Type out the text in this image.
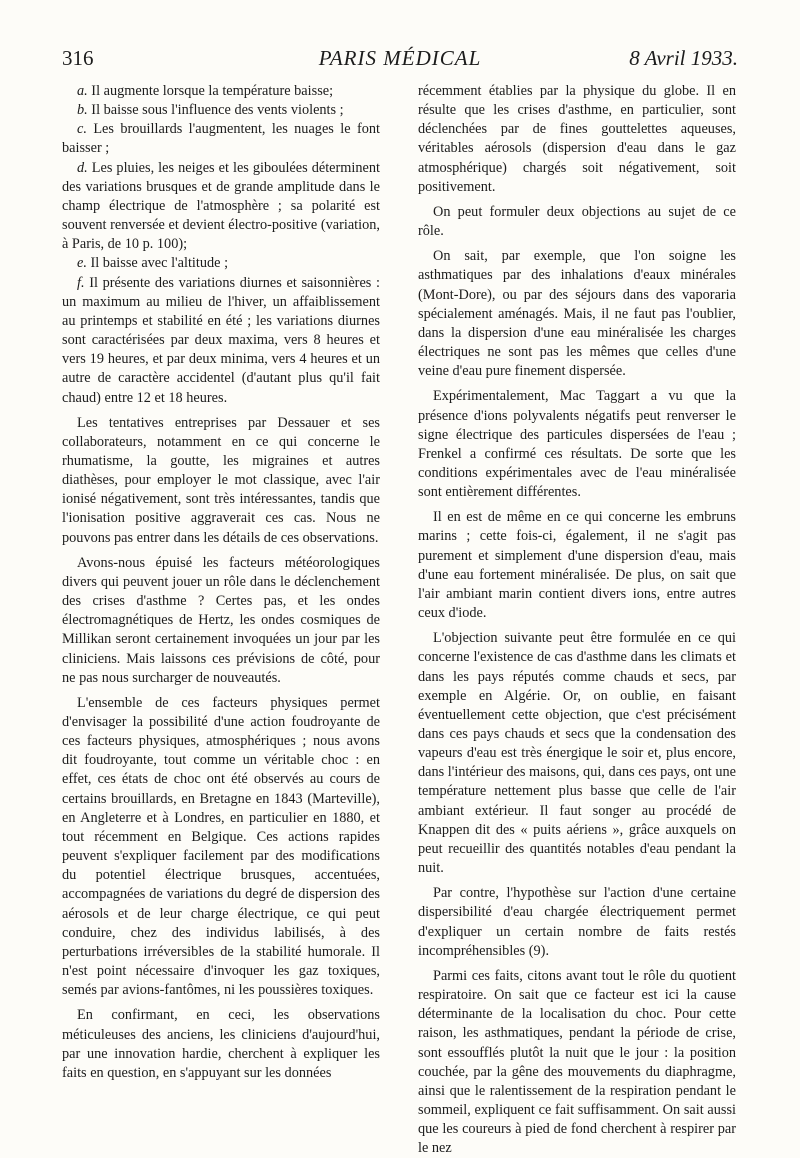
316	PARIS MÉDICAL	8 Avril 1933.

a. Il augmente lorsque la température baisse;

b. Il baisse sous l'influence des vents violents ;

c. Les brouillards l'augmentent, les nuages le font baisser ;

d. Les pluies, les neiges et les giboulées déterminent des variations brusques et de grande amplitude dans le champ électrique de l'atmosphère ; sa polarité est souvent renversée et devient électro-positive (variation, à Paris, de 10 p. 100);

e. Il baisse avec l'altitude ;

f. Il présente des variations diurnes et saisonnières : un maximum au milieu de l'hiver, un affaiblissement au printemps et stabilité en été ; les variations diurnes sont caractérisées par deux maxima, vers 8 heures et vers 19 heures, et par deux minima, vers 4 heures et un autre de caractère accidentel (d'autant plus qu'il fait chaud) entre 12 et 18 heures.

Les tentatives entreprises par Dessauer et ses collaborateurs, notamment en ce qui concerne le rhumatisme, la goutte, les migraines et autres diathèses, pour employer le mot classique, avec l'air ionisé négativement, sont très intéressantes, tandis que l'ionisation positive aggraverait ces cas. Nous ne pouvons pas entrer dans les détails de ces observations.

Avons-nous épuisé les facteurs météorologiques divers qui peuvent jouer un rôle dans le déclenchement des crises d'asthme ? Certes pas, et les ondes électromagnétiques de Hertz, les ondes cosmiques de Millikan seront certainement invoquées un jour par les cliniciens. Mais laissons ces prévisions de côté, pour ne pas nous surcharger de nouveautés.

L'ensemble de ces facteurs physiques permet d'envisager la possibilité d'une action foudroyante de ces facteurs physiques, atmosphériques ; nous avons dit foudroyante, tout comme un véritable choc : en effet, ces états de choc ont été observés au cours de certains brouillards, en Bretagne en 1843 (Marteville), en Angleterre et à Londres, en particulier en 1880, et tout récemment en Belgique. Ces actions rapides peuvent s'expliquer facilement par des modifications du potentiel électrique brusques, accentuées, accompagnées de variations du degré de dispersion des aérosols et de leur charge électrique, ce qui peut conduire, chez des individus labilisés, à des perturbations irréversibles de la stabilité humorale. Il n'est point nécessaire d'invoquer les gaz toxiques, semés par avions-fantômes, ni les poussières toxiques.

En confirmant, en ceci, les observations méticuleuses des anciens, les cliniciens d'aujourd'hui, par une innovation hardie, cherchent à expliquer les faits en question, en s'appuyant sur les données

récemment établies par la physique du globe. Il en résulte que les crises d'asthme, en particulier, sont déclenchées par de fines gouttelettes aqueuses, véritables aérosols (dispersion d'eau dans le gaz atmosphérique) chargés soit négativement, soit positivement.

On peut formuler deux objections au sujet de ce rôle.

On sait, par exemple, que l'on soigne les asthmatiques par des inhalations d'eaux minérales (Mont-Dore), ou par des séjours dans des vaporaria spécialement aménagés. Mais, il ne faut pas l'oublier, dans la dispersion d'une eau minéralisée les charges électriques ne sont pas les mêmes que celles d'une veine d'eau pure finement dispersée.

Expérimentalement, Mac Taggart a vu que la présence d'ions polyvalents négatifs peut renverser le signe électrique des particules dispersées de l'eau ; Frenkel a confirmé ces résultats. De sorte que les conditions expérimentales avec de l'eau minéralisée sont entièrement différentes.

Il en est de même en ce qui concerne les embruns marins ; cette fois-ci, également, il ne s'agit pas purement et simplement d'une dispersion d'eau, mais d'une eau fortement minéralisée. De plus, on sait que l'air ambiant marin contient divers ions, entre autres ceux d'iode.

L'objection suivante peut être formulée en ce qui concerne l'existence de cas d'asthme dans les climats et dans les pays réputés comme chauds et secs, par exemple en Algérie. Or, on oublie, en faisant éventuellement cette objection, que c'est précisément dans ces pays chauds et secs que la condensation des vapeurs d'eau est très énergique le soir et, plus encore, dans l'intérieur des maisons, qui, dans ces pays, ont une température nettement plus basse que celle de l'air ambiant extérieur. Il faut songer au procédé de Knappen dit des « puits aériens », grâce auxquels on peut recueillir des quantités notables d'eau pendant la nuit.

Par contre, l'hypothèse sur l'action d'une certaine dispersibilité d'eau chargée électriquement permet d'expliquer un certain nombre de faits restés incompréhensibles (9).

Parmi ces faits, citons avant tout le rôle du quotient respiratoire. On sait que ce facteur est ici la cause déterminante de la localisation du choc. Pour cette raison, les asthmatiques, pendant la période de crise, sont essoufflés plutôt la nuit que le jour : la position couchée, par la gêne des mouvements du diaphragme, ainsi que le ralentissement de la respiration pendant le sommeil, expliquent ce fait suffisamment. On sait aussi que les coureurs à pied de fond cherchent à respirer par le nez
